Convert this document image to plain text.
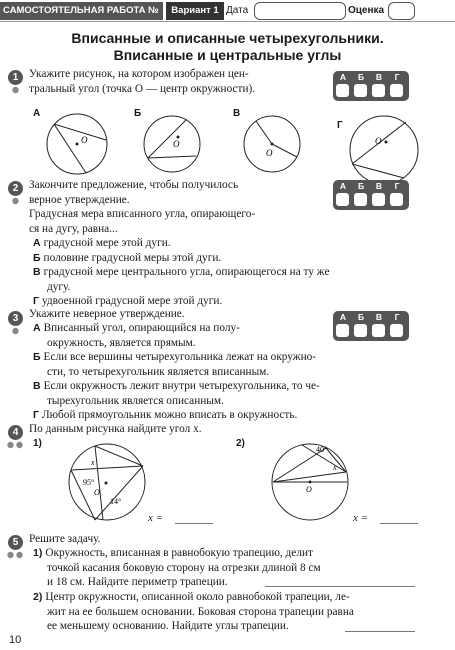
САМОСТОЯТЕЛЬНАЯ РАБОТА № 3
Вариант 1 Дата	Оценка
Вписанные и описанные четырехугольники.
Вписанные и центральные углы
1 Укажите рисунок, на котором изображен цен-
тральный угол (точка O — центр окружности).
А	Б	В	Г
А	Б	В
Г
O	O
O
O
2 Закончите предложение, чтобы получилось
верное утверждение.
Градусная мера вписанного угла, опирающего-
ся на дугу, равна...
А	Б	В	Г
А градусной мере этой дуги.
Б половине градусной меры этой дуги.
В градусной мере центрального угла, опирающегося на ту же
дугу.
Г удвоенной градусной мере этой дуги.
3 Укажите неверное утверждение.	А	Б	В	Г
А Вписанный угол, опирающийся на полу-
окружность, является прямым.
Б Если все вершины четырехугольника лежат на окружно-
сти, то четырехугольник является вписанным.
В Если окружность лежит внутри четырехугольника, то че-
тырехугольник является описанным.
Г Любой прямоугольник можно вписать в окружность.
4 По данным рисунка найдите угол x.
1)
x
95°
14°
O
x =
2)
40°
x
O
x =
5 Решите задачу.
1) Окружность, вписанная в равнобокую трапецию, делит
точкой касания боковую сторону на отрезки длиной 8 см
и 18 см. Найдите периметр трапеции.
2) Центр окружности, описанной около равнобокой трапеции, ле-
жит на ее большем основании. Боковая сторона трапеции равна
ее меньшему основанию. Найдите углы трапеции.
10
